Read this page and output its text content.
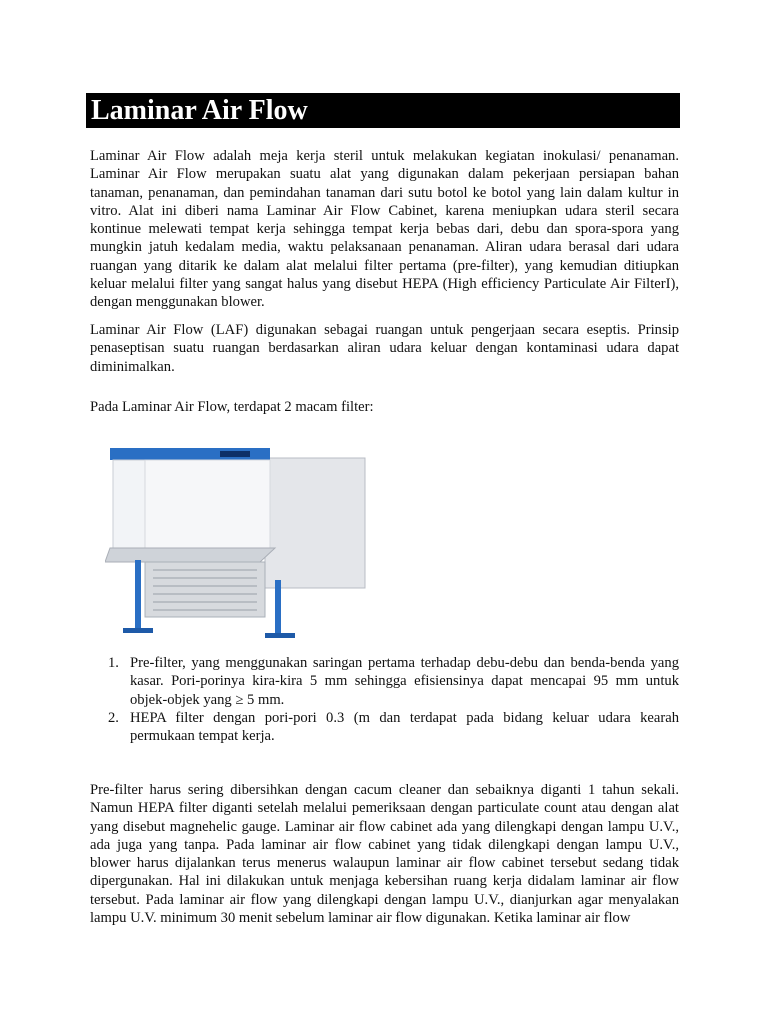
Laminar Air Flow
Laminar Air Flow adalah meja kerja steril untuk melakukan kegiatan inokulasi/ penanaman.
Laminar Air Flow merupakan suatu alat yang digunakan dalam pekerjaan persiapan bahan
tanaman, penanaman, dan pemindahan tanaman dari sutu botol ke botol yang lain dalam kultur in
vitro. Alat ini diberi nama Laminar Air Flow Cabinet, karena meniupkan udara steril secara
kontinue melewati tempat kerja sehingga tempat kerja bebas dari, debu dan spora-spora yang
mungkin jatuh kedalam media, waktu pelaksanaan penanaman. Aliran udara berasal dari udara
ruangan yang ditarik ke dalam alat melalui filter pertama (pre-filter), yang kemudian ditiupkan
keluar melalui filter yang sangat halus yang disebut HEPA (High efficiency Particulate Air FilterI),
dengan menggunakan blower.
Laminar Air Flow (LAF) digunakan sebagai ruangan untuk pengerjaan secara eseptis. Prinsip
penaseptisan suatu ruangan berdasarkan aliran udara keluar dengan kontaminasi udara dapat
diminimalkan.
Pada Laminar Air Flow, terdapat 2 macam filter:
1. Pre-filter, yang menggunakan saringan pertama terhadap debu-debu dan benda-benda yang
kasar. Pori-porinya kira-kira 5 mm sehingga efisiensinya dapat mencapai 95 mm untuk
objek-objek yang ≥ 5 mm.
2. HEPA filter dengan pori-pori 0.3 (m dan terdapat pada bidang keluar udara kearah
permukaan tempat kerja.
Pre-filter harus sering dibersihkan dengan cacum cleaner dan sebaiknya diganti 1 tahun sekali.
Namun HEPA filter diganti setelah melalui pemeriksaan dengan particulate count atau dengan alat
yang disebut magnehelic gauge. Laminar air flow cabinet ada yang dilengkapi dengan lampu U.V.,
ada juga yang tanpa. Pada laminar air flow cabinet yang tidak dilengkapi dengan lampu U.V.,
blower harus dijalankan terus menerus walaupun laminar air flow cabinet tersebut sedang tidak
dipergunakan. Hal ini dilakukan untuk menjaga kebersihan ruang kerja didalam laminar air flow
tersebut. Pada laminar air flow yang dilengkapi dengan lampu U.V., dianjurkan agar menyalakan
lampu U.V. minimum 30 menit sebelum laminar air flow digunakan. Ketika laminar air flow
